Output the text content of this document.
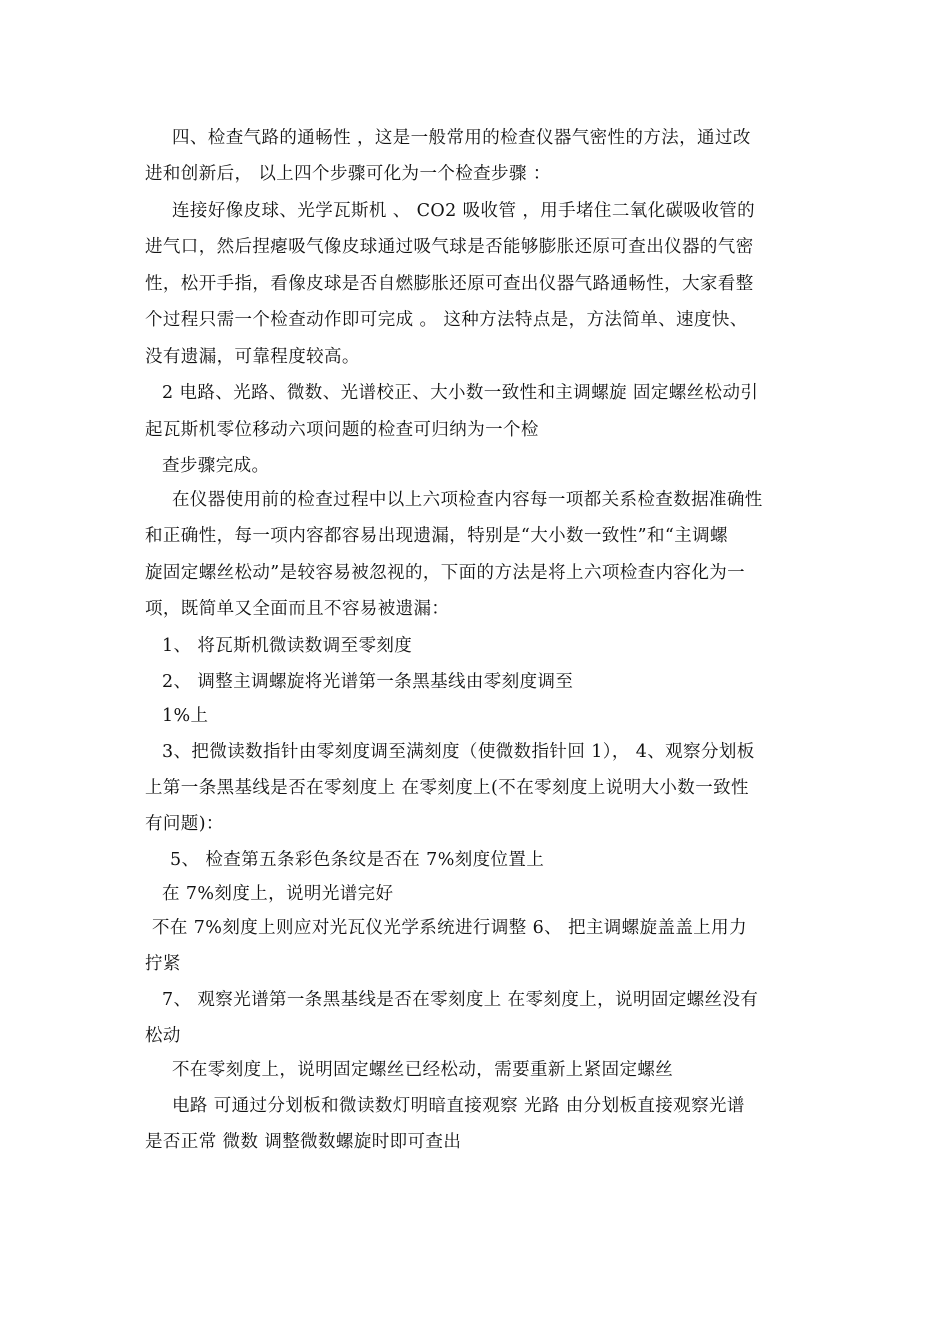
四、检查气路的通畅性 ，这是一般常用的检查仪器气密性的方法，通过改
进和创新后， 以上四个步骤可化为一个检查步骤 ：
连接好像皮球、光学瓦斯机 、 CO2 吸收管 ，用手堵住二氧化碳吸收管的
进气口，然后捏瘪吸气像皮球通过吸气球是否能够膨胀还原可查出仪器的气密
性，松开手指，看像皮球是否自燃膨胀还原可查出仪器气路通畅性，大家看整
个过程只需一个检查动作即可完成 。 这种方法特点是，方法简单、速度快、
没有遗漏，可靠程度较高。
2 电路、光路、微数、光谱校正、大小数一致性和主调螺旋 固定螺丝松动引
起瓦斯机零位移动六项问题的检查可归纳为一个检
查步骤完成。
在仪器使用前的检查过程中以上六项检查内容每一项都关系检查数据准确性
和正确性，每一项内容都容易出现遗漏，特别是“大小数一致性”和“主调螺
旋固定螺丝松动”是较容易被忽视的，下面的方法是将上六项检查内容化为一
项，既简单又全面而且不容易被遗漏：
1、 将瓦斯机微读数调至零刻度
2、 调整主调螺旋将光谱第一条黑基线由零刻度调至
1%上
3、把微读数指针由零刻度调至满刻度（使微数指针回 1）， 4、观察分划板
上第一条黑基线是否在零刻度上 在零刻度上(不在零刻度上说明大小数一致性
有问题)：
5、 检查第五条彩色条纹是否在 7%刻度位置上
在 7%刻度上，说明光谱完好
不在 7%刻度上则应对光瓦仪光学系统进行调整 6、 把主调螺旋盖盖上用力
拧紧
7、 观察光谱第一条黑基线是否在零刻度上 在零刻度上，说明固定螺丝没有
松动
不在零刻度上，说明固定螺丝已经松动，需要重新上紧固定螺丝
电路 可通过分划板和微读数灯明暗直接观察 光路 由分划板直接观察光谱
是否正常 微数 调整微数螺旋时即可查出
